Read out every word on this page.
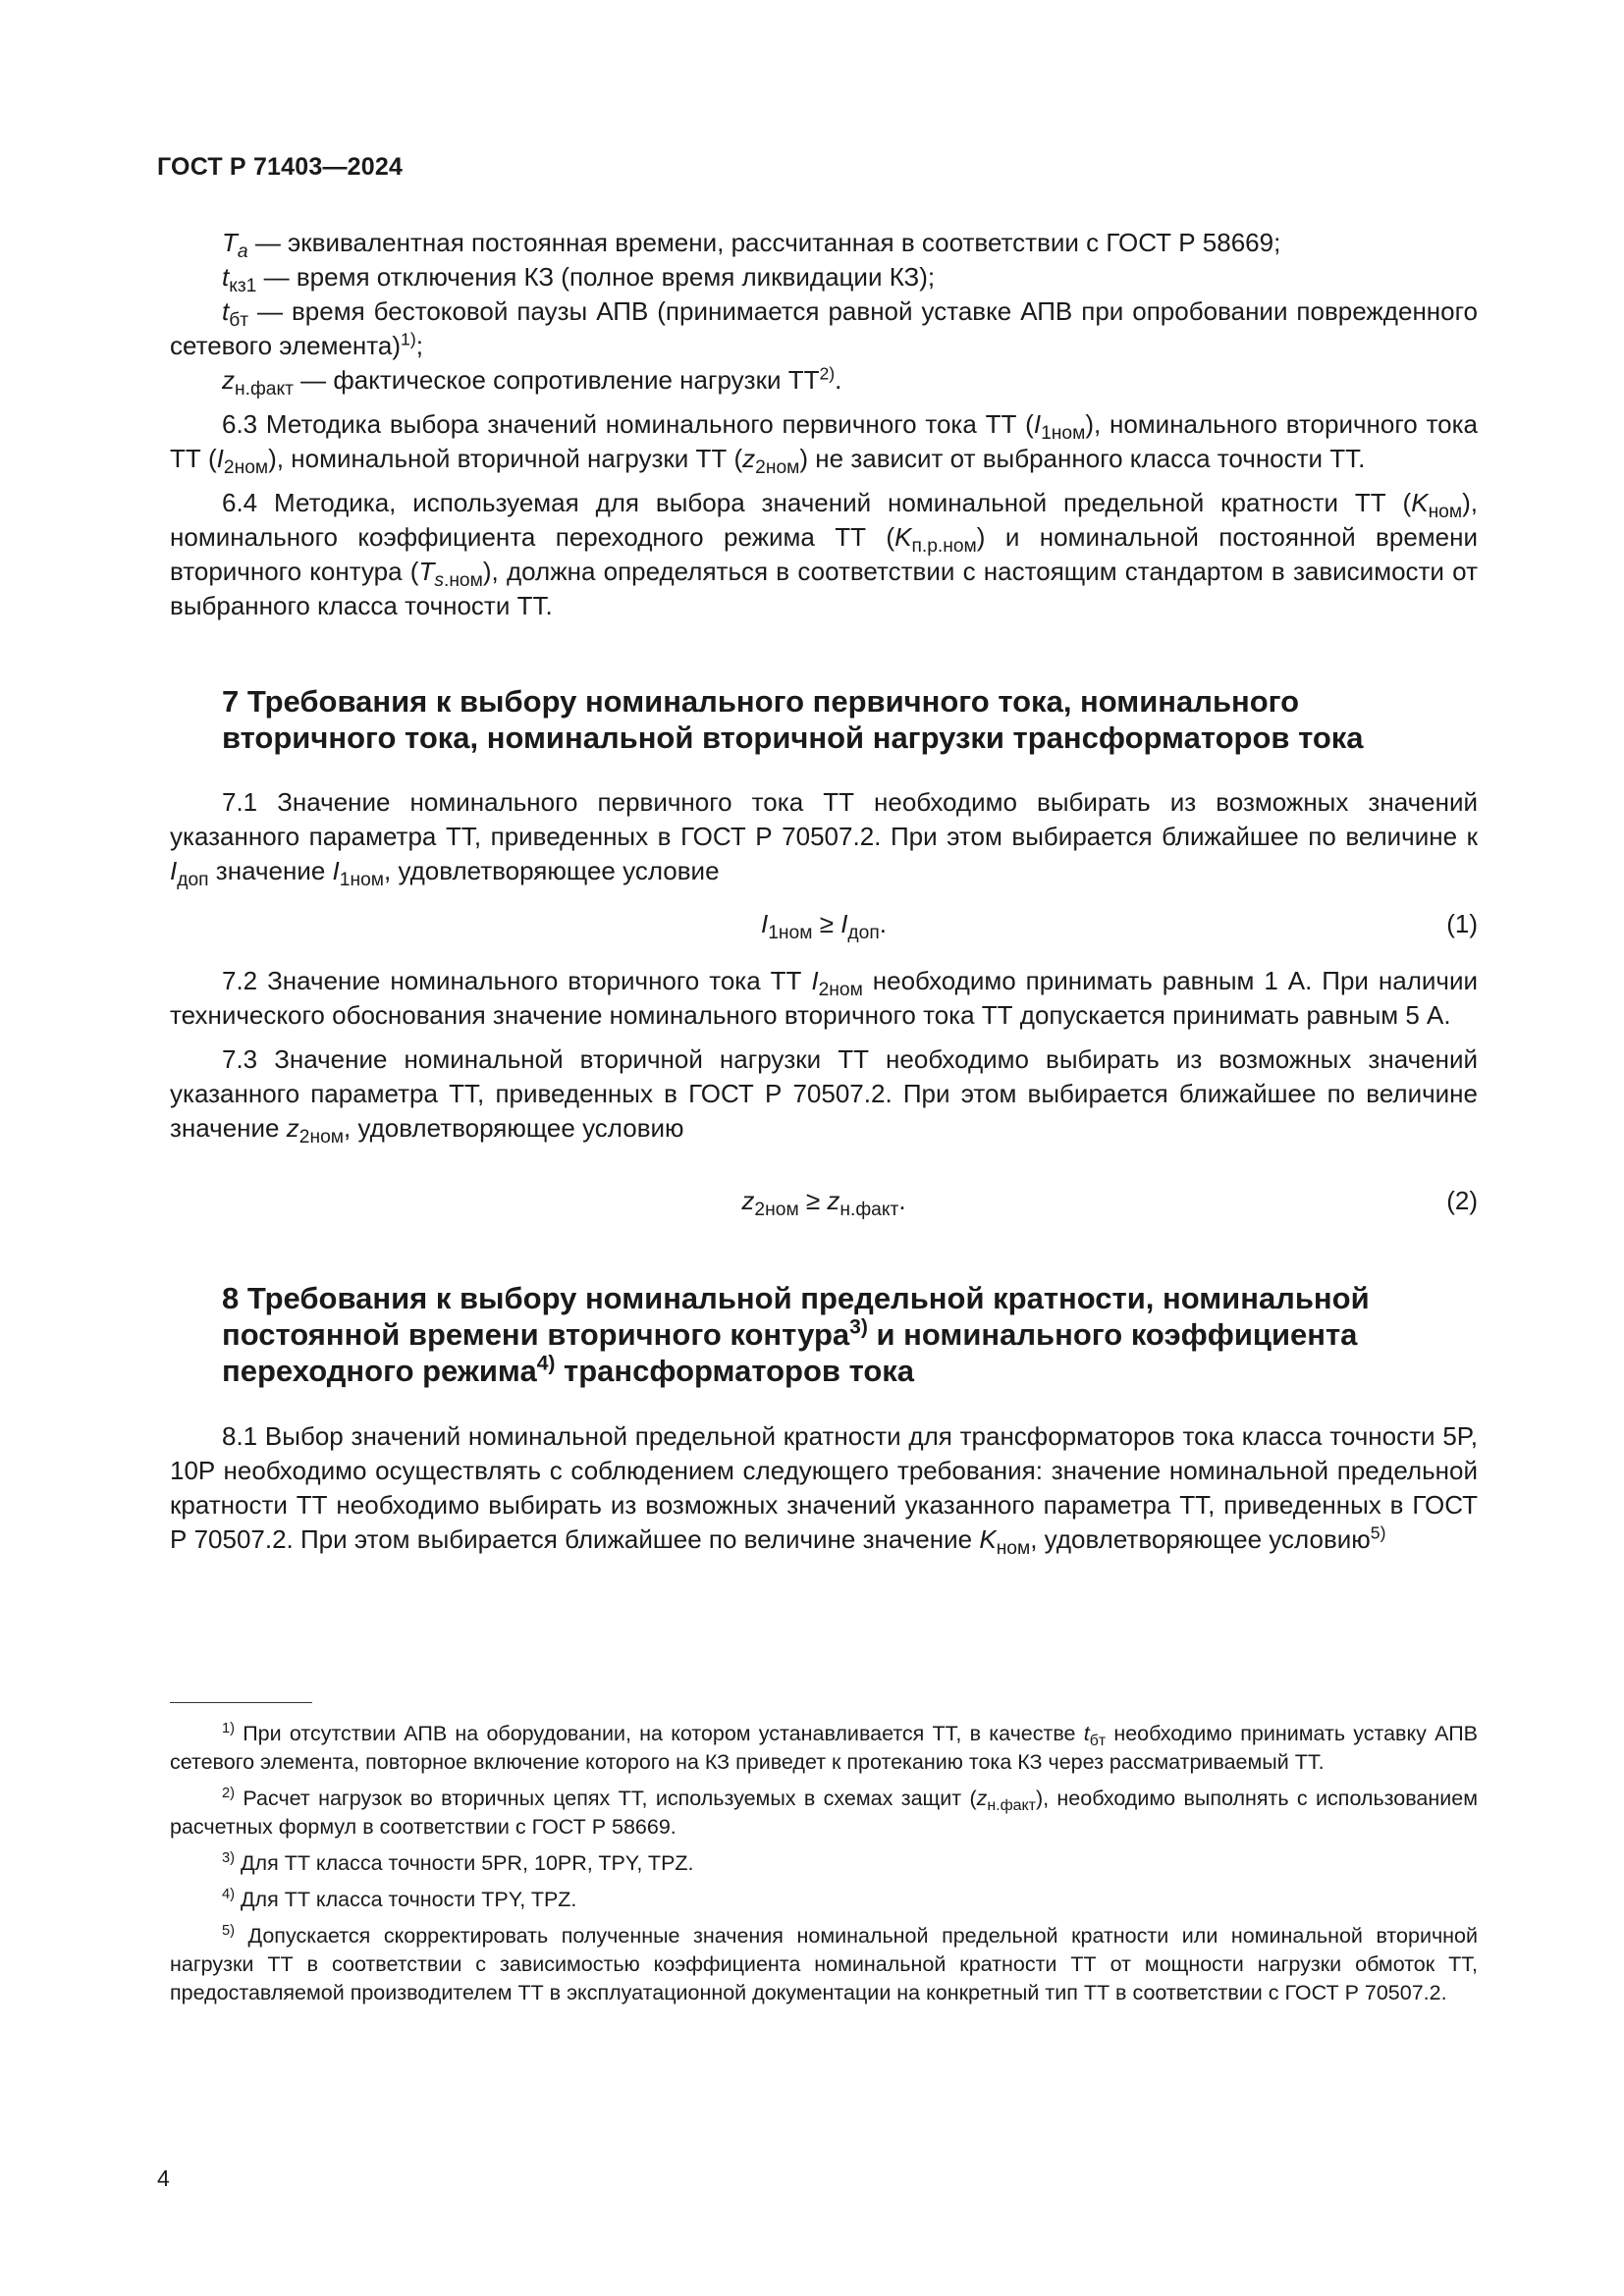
ГОСТ Р 71403—2024

$T_a$ — эквивалентная постоянная времени, рассчитанная в соответствии с ГОСТ Р 58669;

$t_{кз1}$ — время отключения КЗ (полное время ликвидации КЗ);

$t_{бт}$ — время бестоковой паузы АПВ (принимается равной уставке АПВ при опробовании поврежденного сетевого элемента)$^{1)}$;

$z_{н.факт}$ — фактическое сопротивление нагрузки ТТ$^{2)}$.

6.3 Методика выбора значений номинального первичного тока ТТ $(I_{1ном})$, номинального вторичного тока ТТ $(I_{2ном})$, номинальной вторичной нагрузки ТТ $(z_{2ном})$ не зависит от выбранного класса точности ТТ.

6.4 Методика, используемая для выбора значений номинальной предельной кратности ТТ $(K_{ном})$, номинального коэффициента переходного режима ТТ $(K_{п.р.ном})$ и номинальной постоянной времени вторичного контура $(T_{s.ном})$, должна определяться в соответствии с настоящим стандартом в зависимости от выбранного класса точности ТТ.

7 Требования к выбору номинального первичного тока, номинального
вторичного тока, номинальной вторичной нагрузки трансформаторов тока

7.1 Значение номинального первичного тока ТТ необходимо выбирать из возможных значений указанного параметра ТТ, приведенных в ГОСТ Р 70507.2. При этом выбирается ближайшее по величине к $I_{доп}$ значение $I_{1ном}$, удовлетворяющее условие

$I_{1ном} \ge I_{доп}$.	(1)

7.2 Значение номинального вторичного тока ТТ $I_{2ном}$ необходимо принимать равным 1 А. При наличии технического обоснования значение номинального вторичного тока ТТ допускается принимать равным 5 А.

7.3 Значение номинальной вторичной нагрузки ТТ необходимо выбирать из возможных значений указанного параметра ТТ, приведенных в ГОСТ Р 70507.2. При этом выбирается ближайшее по величине значение $z_{2ном}$, удовлетворяющее условию

$z_{2ном} \ge z_{н.факт}$.	(2)
8 Требования к выбору номинальной предельной кратности, номинальной
постоянной времени вторичного контура$^{3)}$ и номинального коэффициента
переходного режима$^{4)}$ трансформаторов тока

8.1 Выбор значений номинальной предельной кратности для трансформаторов тока класса точности 5P, 10P необходимо осуществлять с соблюдением следующего требования: значение номинальной предельной кратности ТТ необходимо выбирать из возможных значений указанного параметра ТТ, приведенных в ГОСТ Р 70507.2. При этом выбирается ближайшее по величине значение $K_{ном}$, удовлетворяющее условию$^{5)}$

$^{1)}$ При отсутствии АПВ на оборудовании, на котором устанавливается ТТ, в качестве $t_{бт}$ необходимо принимать уставку АПВ сетевого элемента, повторное включение которого на КЗ приведет к протеканию тока КЗ через рассматриваемый ТТ.

$^{2)}$ Расчет нагрузок во вторичных цепях ТТ, используемых в схемах защит $(z_{н.факт})$, необходимо выполнять с использованием расчетных формул в соответствии с ГОСТ Р 58669.

$^{3)}$ Для ТТ класса точности 5PR, 10PR, TPY, TPZ.

$^{4)}$ Для ТТ класса точности TPY, TPZ.

$^{5)}$ Допускается скорректировать полученные значения номинальной предельной кратности или номинальной вторичной нагрузки ТТ в соответствии с зависимостью коэффициента номинальной кратности ТТ от мощности нагрузки обмоток ТТ, предоставляемой производителем ТТ в эксплуатационной документации на конкретный тип ТТ в соответствии с ГОСТ Р 70507.2.

4
